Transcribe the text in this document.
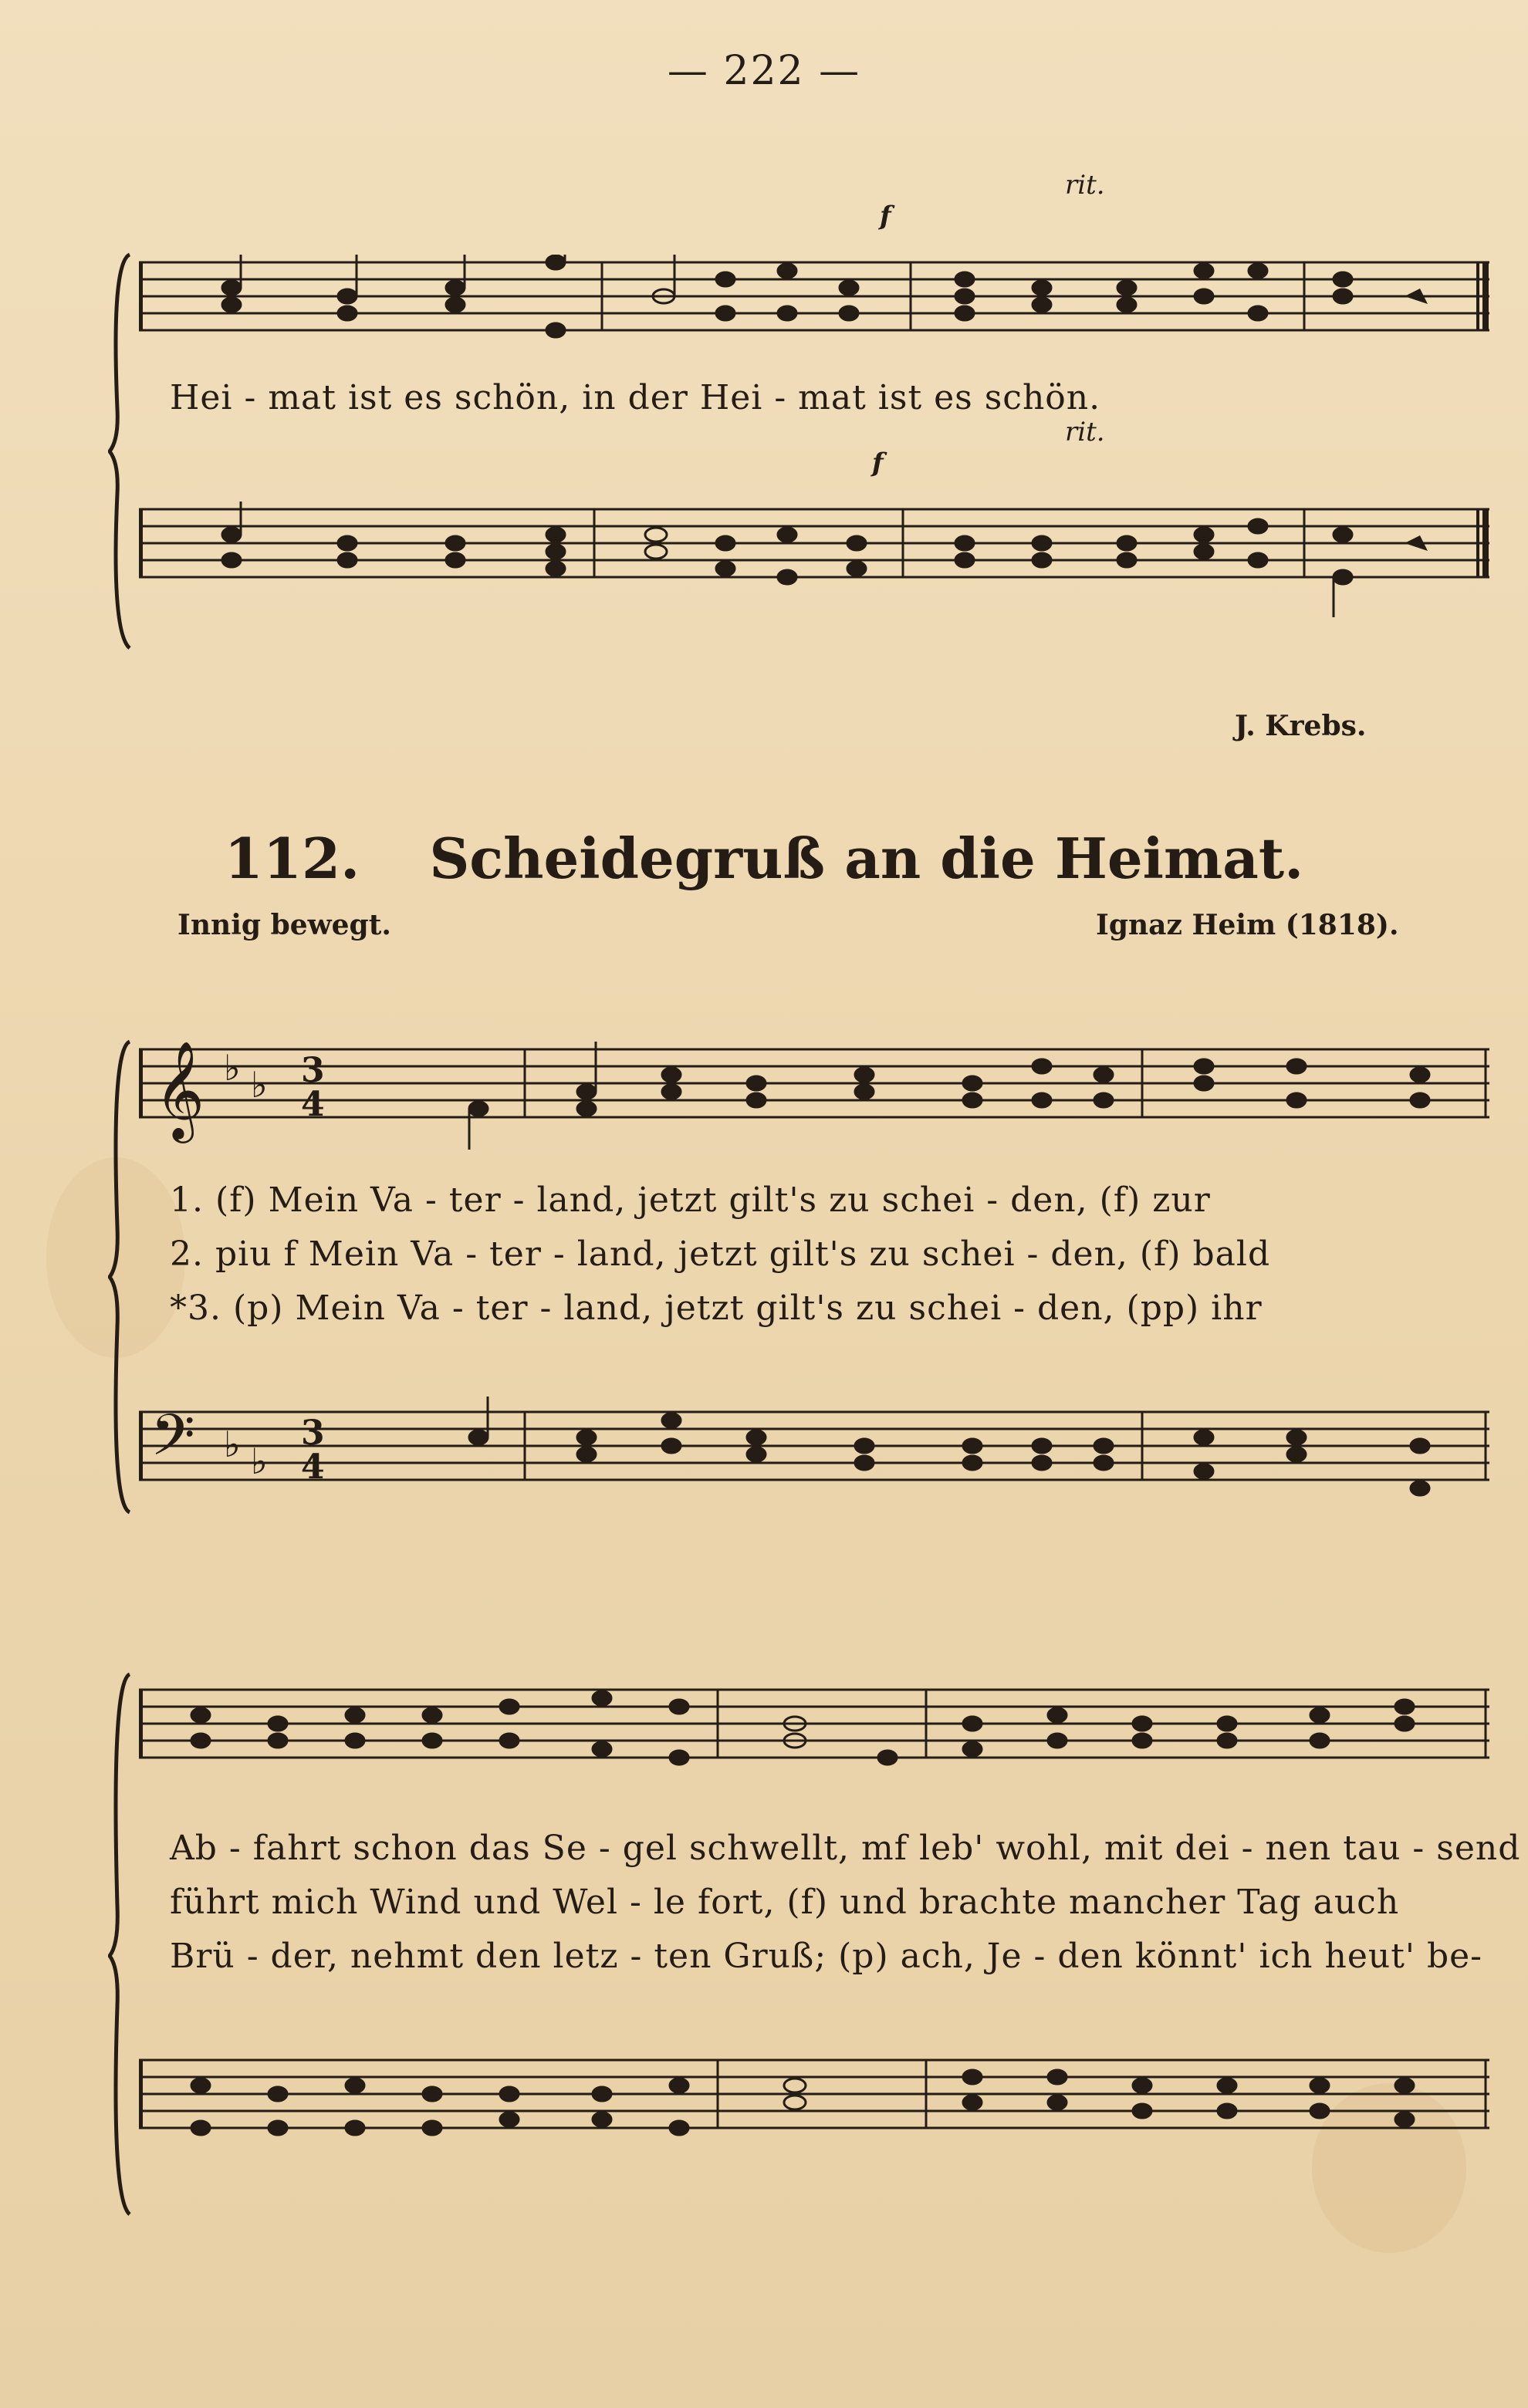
— 222 —
rit.
f
Hei - mat ist es schön, in der Hei - mat ist es schön.
rit.
f
J. Krebs.
112. Scheidegruß an die Heimat.
Innig bewegt.	Ignaz Heim (1818).
𝄞 ♭ ♭ 3
4
1. (f) Mein Va - ter - land, jetzt gilt's zu schei - den, (f) zur
2. piu f Mein Va - ter - land, jetzt gilt's zu schei - den, (f) bald
*3. (p) Mein Va - ter - land, jetzt gilt's zu schei - den, (pp) ihr
𝄢 ♭ ♭
3
4
Ab - fahrt schon das Se - gel schwellt, mf leb' wohl, mit dei - nen tau - send
führt mich Wind und Wel - le fort, (f) und brachte mancher Tag auch
Brü - der, nehmt den letz - ten Gruß; (p) ach, Je - den könnt' ich heut' be-
